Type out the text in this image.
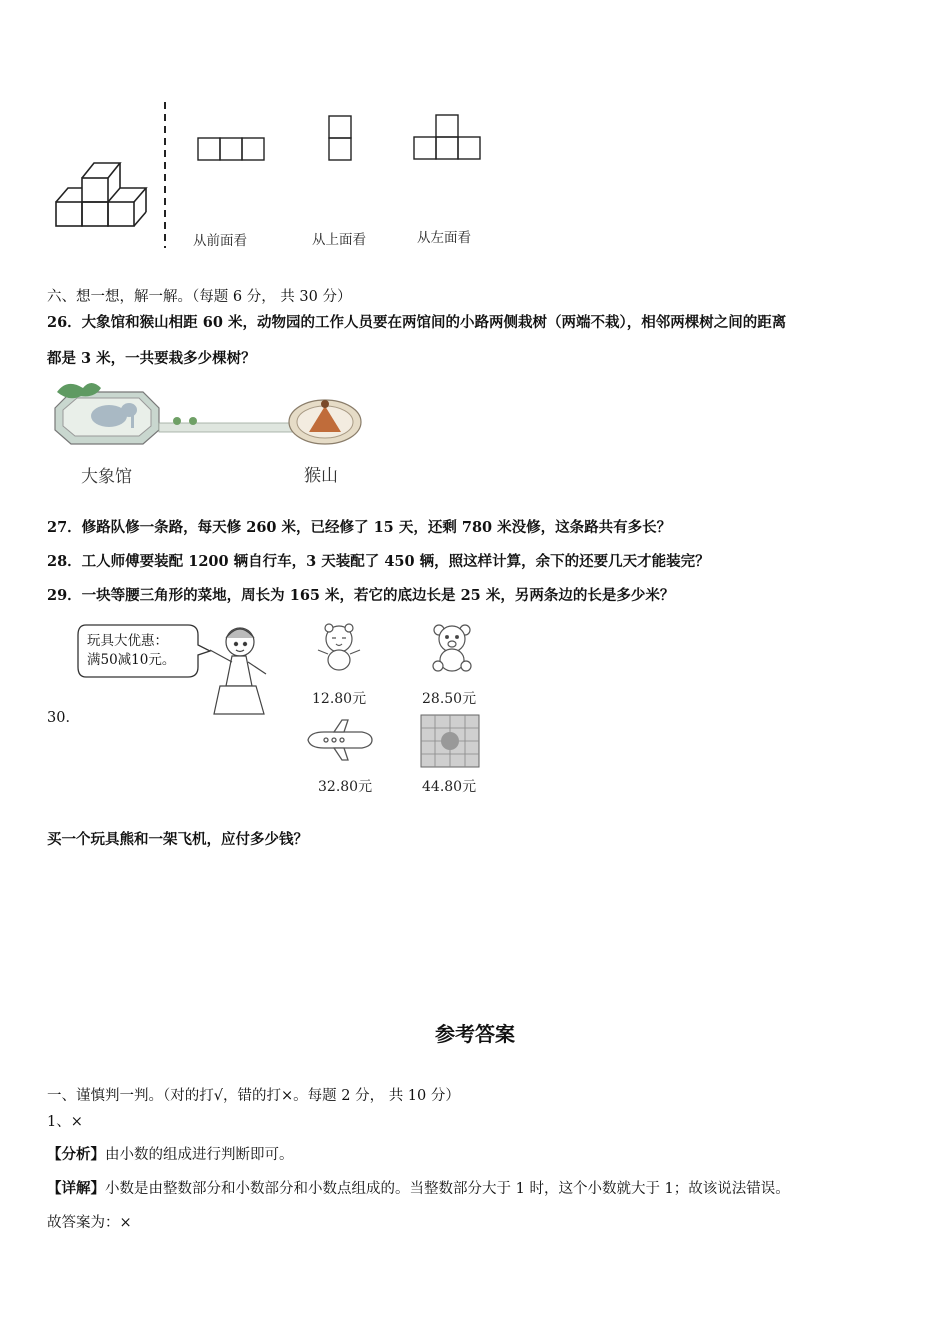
从前面看	从上面看	从左面看
六、想一想，解一解。（每题 6 分， 共 30 分）
26．大象馆和猴山相距 60 米，动物园的工作人员要在两馆间的小路两侧栽树（两端不栽），相邻两棵树之间的距离
都是 3 米，一共要栽多少棵树？
大象馆	猴山
27．修路队修一条路，每天修 260 米，已经修了 15 天，还剩 780 米没修，这条路共有多长？
28．工人师傅要装配 1200 辆自行车，3 天装配了 450 辆，照这样计算，余下的还要几天才能装完？
29．一块等腰三角形的菜地，周长为 165 米，若它的底边长是 25 米，另两条边的长是多少米？
30．
玩具大优惠：
满50减10元。
12.80元	28.50元
32.80元	44.80元
买一个玩具熊和一架飞机，应付多少钱？
参考答案
一、谨慎判一判。（对的打√，错的打×。每题 2 分， 共 10 分）
1、×
【分析】由小数的组成进行判断即可。
【详解】小数是由整数部分和小数部分和小数点组成的。当整数部分大于 1 时，这个小数就大于 1；故该说法错误。
故答案为：×
